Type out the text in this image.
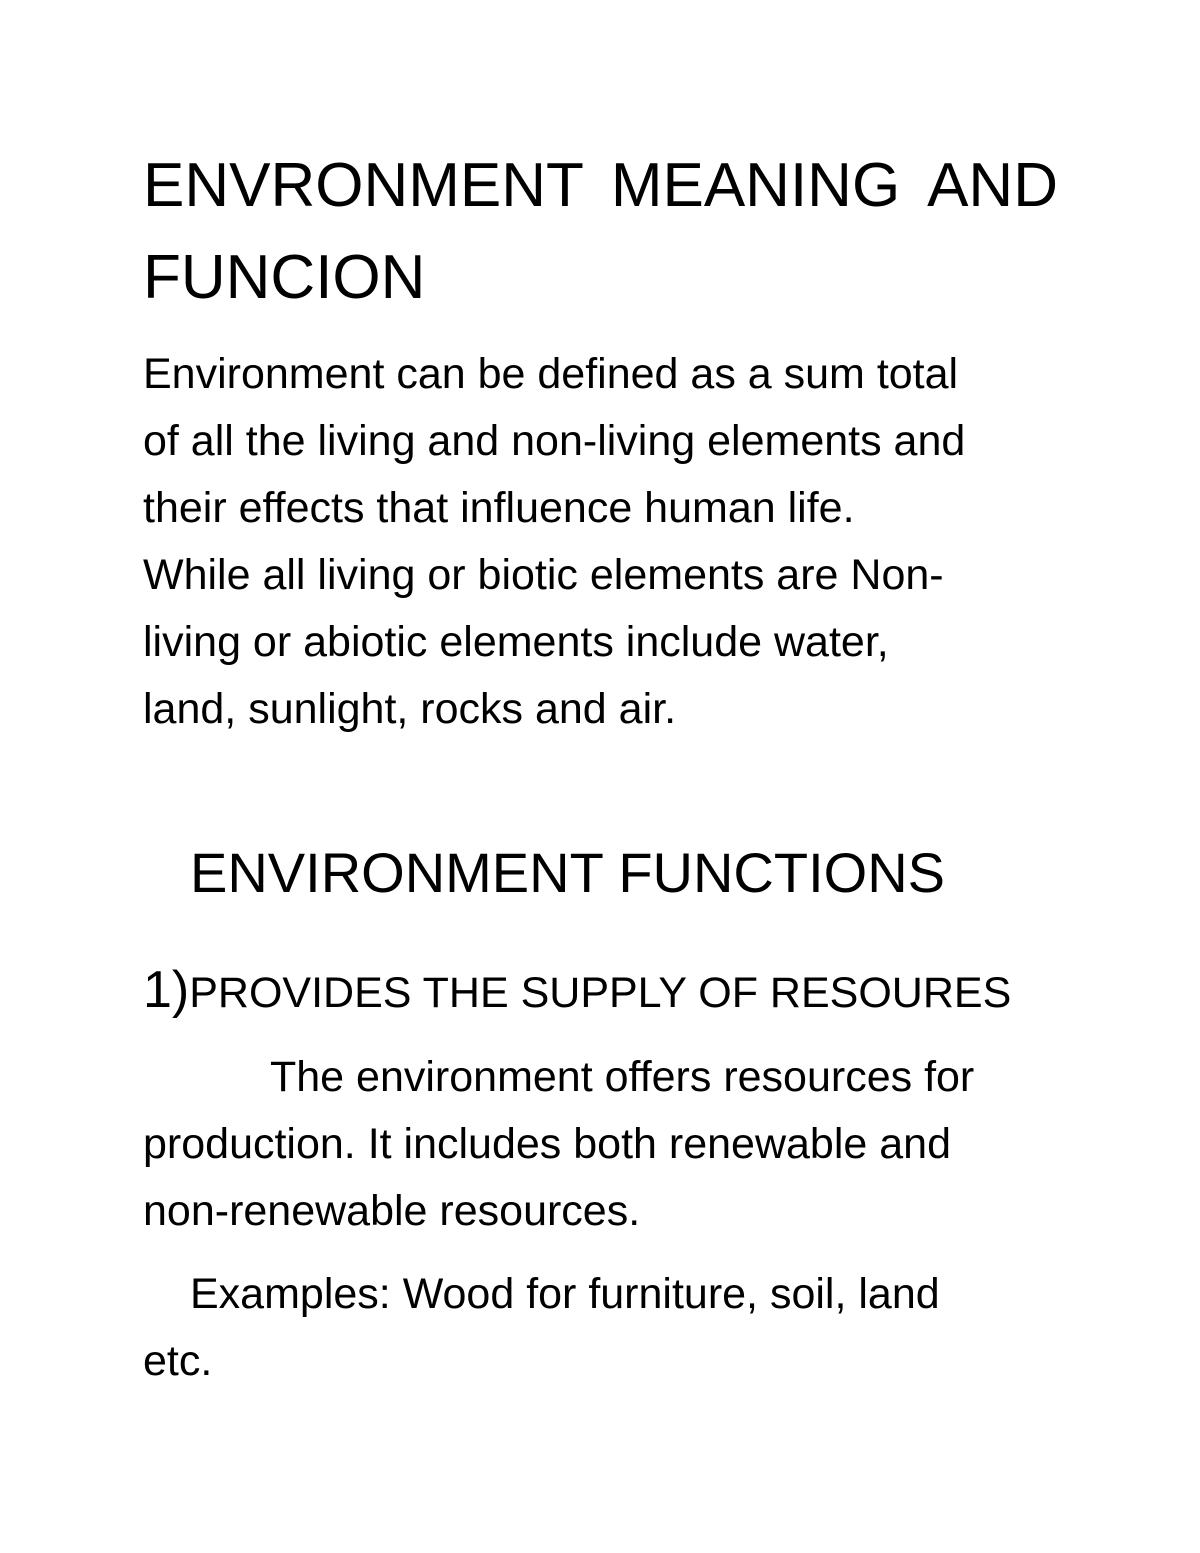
ENVRONMENT MEANING AND
FUNCION
Environment can be defined as a sum total
of all the living and non-living elements and
their effects that influence human life.
While all living or biotic elements are Non-
living or abiotic elements include water,
land, sunlight, rocks and air.
ENVIRONMENT FUNCTIONS
1)PROVIDES THE SUPPLY OF RESOURES
The environment offers resources for
production. It includes both renewable and
non-renewable resources.
Examples: Wood for furniture, soil, land
etc.
